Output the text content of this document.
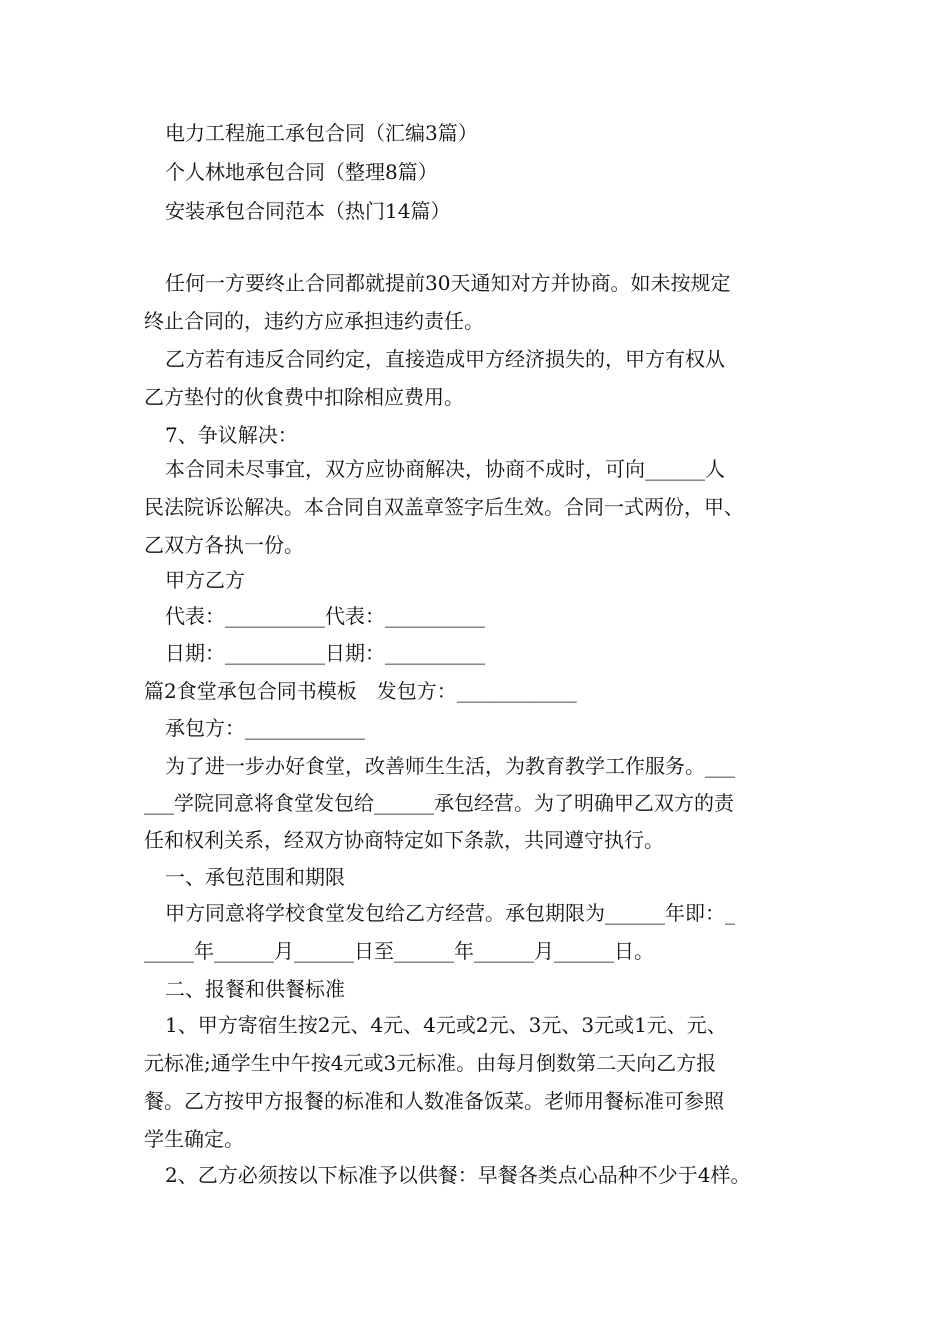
电力工程施工承包合同（汇编3篇）

个人林地承包合同（整理8篇）

安装承包合同范本（热门14篇）

任何一方要终止合同都就提前30天通知对方并协商。如未按规定

终止合同的，违约方应承担违约责任。

乙方若有违反合同约定，直接造成甲方经济损失的，甲方有权从

乙方垫付的伙食费中扣除相应费用。

7、争议解决：

本合同未尽事宜，双方应协商解决，协商不成时，可向______人

民法院诉讼解决。本合同自双盖章签字后生效。合同一式两份，甲、

乙双方各执一份。

甲方乙方

代表：__________代表：__________

日期：__________日期：__________

篇2食堂承包合同书模板　发包方：____________

承包方：____________

为了进一步办好食堂，改善师生生活，为教育教学工作服务。___

___学院同意将食堂发包给______承包经营。为了明确甲乙双方的责

任和权利关系，经双方协商特定如下条款，共同遵守执行。

一、承包范围和期限

甲方同意将学校食堂发包给乙方经营。承包期限为______年即：_

_____年______月______日至______年______月______日。

二、报餐和供餐标准

1、甲方寄宿生按2元、4元、4元或2元、3元、3元或1元、元、

元标准;通学生中午按4元或3元标准。由每月倒数第二天向乙方报

餐。乙方按甲方报餐的标准和人数准备饭菜。老师用餐标准可参照

学生确定。

2、乙方必须按以下标准予以供餐：早餐各类点心品种不少于4样。
